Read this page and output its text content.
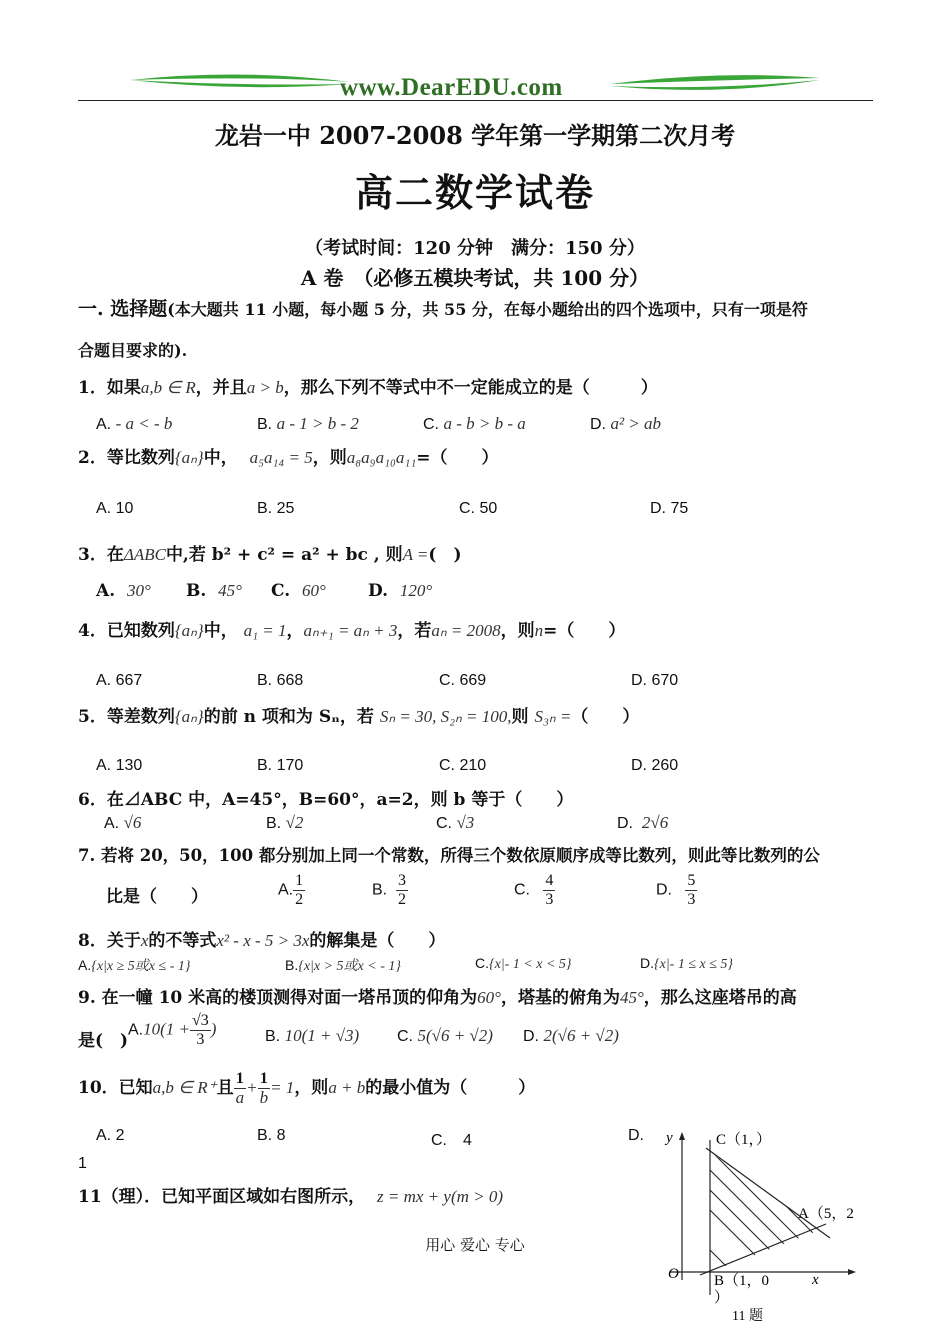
www.DearEDU.com
龙岩一中 2007-2008 学年第一学期第二次月考
高二数学试卷
（考试时间：120 分钟　满分：150 分）
A 卷　（必修五模块考试，共 100 分）
一. 选择题(本大题共 11 小题，每小题 5 分，共 55 分，在每小题给出的四个选项中，只有一项是符
合题目要求的).
1．如果a,b ∈ R，并且a > b，那么下列不等式中不一定能成立的是（　　　）
A. - a < - b	B. a - 1 > b - 2	C. a - b > b - a	D. a² > ab
2．等比数列{aₙ}中， a₅a₁₄ = 5，则a₈a₉a₁₀a₁₁=（　　）
A. 10	B. 25	C. 50	D. 75
3．在ΔABC中,若 b² + c² = a² + bc , 则A =(　)
A. 30° B. 45° C. 60° D. 120°
4．已知数列{aₙ}中， a₁ = 1，aₙ₊₁ = aₙ + 3，若aₙ = 2008，则n=（　　）
A. 667	B. 668	C. 669	D. 670
5．等差数列{aₙ}的前 n 项和为 Sₙ，若 Sₙ = 30, S₂ₙ = 100,则 S₃ₙ =（　　）
A. 130	B. 170	C. 210	D. 260
6．在⊿ABC 中，A=45°，B=60°，a=2，则 b 等于（　　）
A. √6	B. √2	C. √3	D. 2√6
7. 若将 20，50，100 都分别加上同一个常数，所得三个数依原顺序成等比数列，则此等比数列的公
比是（　　）	A. $\frac{1}{2}$	B. $\frac{3}{2}$	C. $\frac{4}{3}$	D. $\frac{5}{3}$
8．关于x的不等式x² - x - 5 > 3x的解集是（　　）
A.{x|x ≥ 5或x ≤ - 1}	B.{x|x > 5或x < - 1}	C.{x|- 1 < x < 5}	D.{x|- 1 ≤ x ≤ 5}
9. 在一幢 10 米高的楼顶测得对面一塔吊顶的仰角为60°，塔基的俯角为45°，那么这座塔吊的高
是(　)
$A.10(1 + \frac{√3}{3}$ )	B. 10(1 + √3) C. 5(√6 + √2) D. 2(√6 + √2)
10．已知a,b ∈ R⁺且 $\frac{1}{a} + \frac{1}{b} = 1$，则a + b的最小值为（　　　）
A. 2	B. 8	C.　4	D.
1
11（理）．已知平面区域如右图所示， z = mx + y(m > 0)
y
x
O
C（1，）
A（5，2
B（1，0
）
11 题
用心 爱心 专心
